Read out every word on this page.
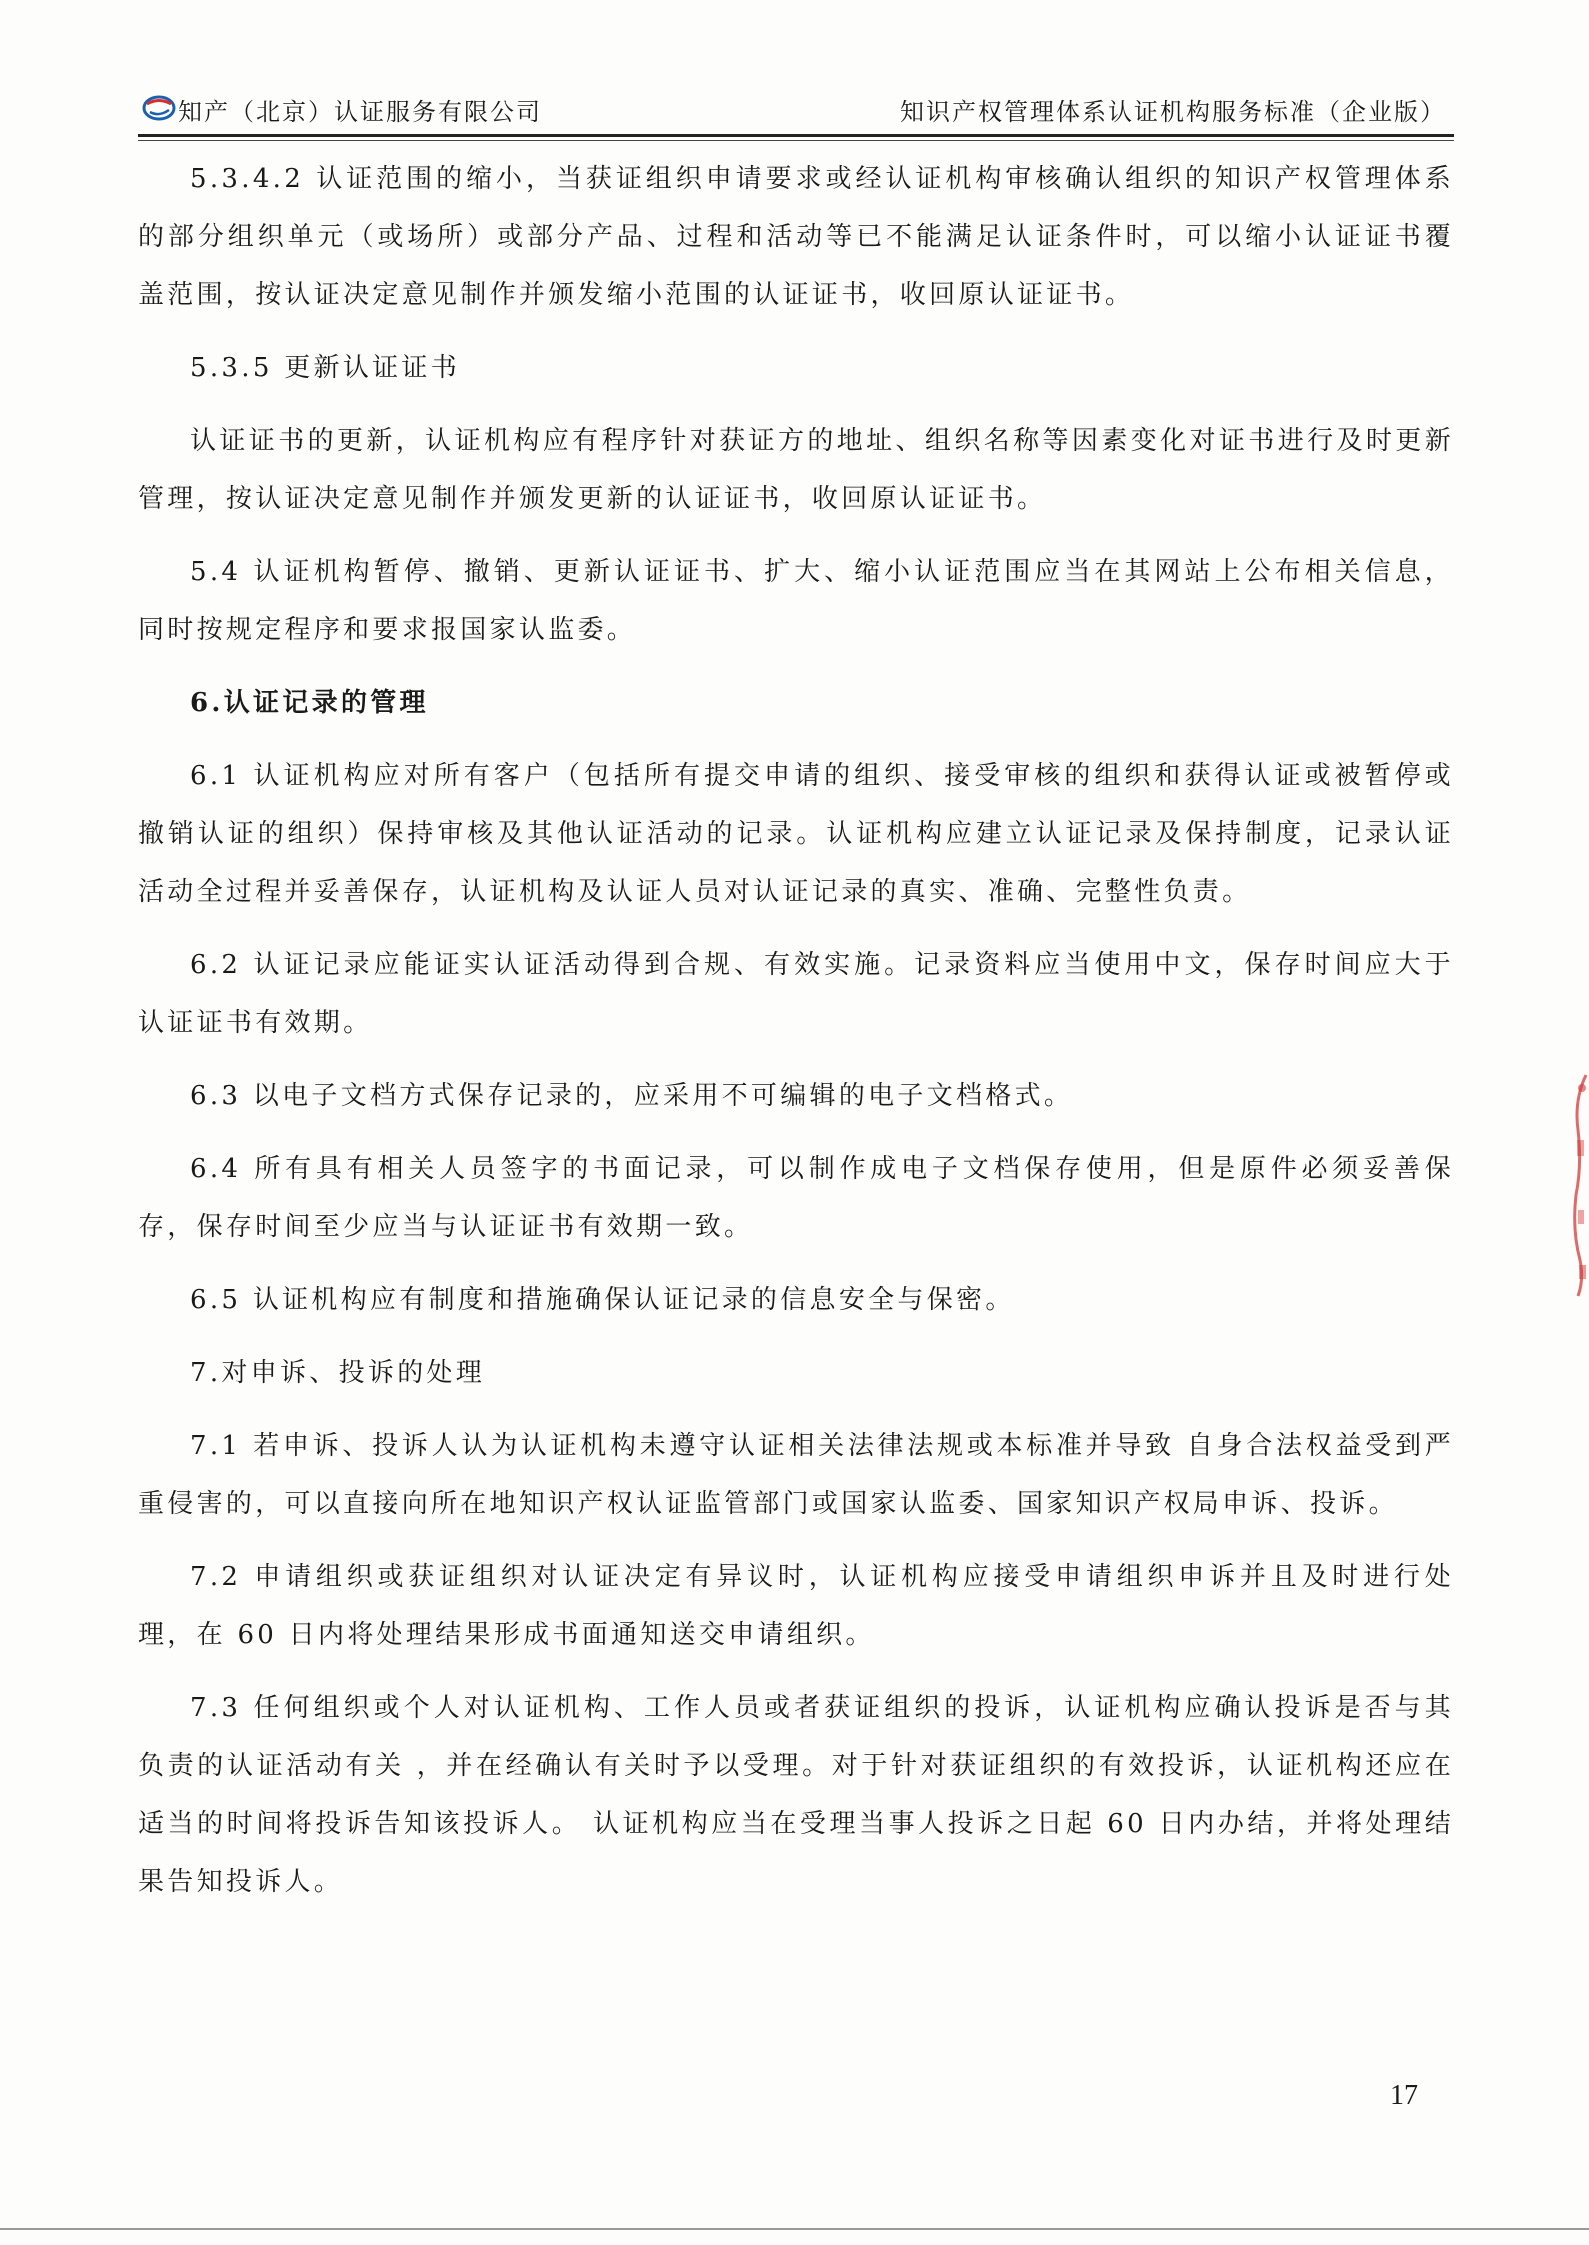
知产（北京）认证服务有限公司	知识产权管理体系认证机构服务标准（企业版）

5.3.4.2 认证范围的缩小，当获证组织申请要求或经认证机构审核确认组织的知识产权管理体系的部分组织单元（或场所）或部分产品、过程和活动等已不能满足认证条件时，可以缩小认证证书覆盖范围，按认证决定意见制作并颁发缩小范围的认证证书，收回原认证证书。

5.3.5 更新认证证书

认证证书的更新，认证机构应有程序针对获证方的地址、组织名称等因素变化对证书进行及时更新管理，按认证决定意见制作并颁发更新的认证证书，收回原认证证书。

5.4 认证机构暂停、撤销、更新认证证书、扩大、缩小认证范围应当在其网站上公布相关信息，同时按规定程序和要求报国家认监委。

6.认证记录的管理

6.1 认证机构应对所有客户（包括所有提交申请的组织、接受审核的组织和获得认证或被暂停或撤销认证的组织）保持审核及其他认证活动的记录。认证机构应建立认证记录及保持制度，记录认证活动全过程并妥善保存，认证机构及认证人员对认证记录的真实、准确、完整性负责。

6.2 认证记录应能证实认证活动得到合规、有效实施。记录资料应当使用中文，保存时间应大于认证证书有效期。

6.3 以电子文档方式保存记录的，应采用不可编辑的电子文档格式。

6.4 所有具有相关人员签字的书面记录，可以制作成电子文档保存使用，但是原件必须妥善保存，保存时间至少应当与认证证书有效期一致。

6.5 认证机构应有制度和措施确保认证记录的信息安全与保密。

7.对申诉、投诉的处理

7.1 若申诉、投诉人认为认证机构未遵守认证相关法律法规或本标准并导致 自身合法权益受到严重侵害的，可以直接向所在地知识产权认证监管部门或国家认监委、国家知识产权局申诉、投诉。

7.2 申请组织或获证组织对认证决定有异议时，认证机构应接受申请组织申诉并且及时进行处理，在 60 日内将处理结果形成书面通知送交申请组织。

7.3 任何组织或个人对认证机构、工作人员或者获证组织的投诉，认证机构应确认投诉是否与其负责的认证活动有关 ，并在经确认有关时予以受理。对于针对获证组织的有效投诉，认证机构还应在适当的时间将投诉告知该投诉人。 认证机构应当在受理当事人投诉之日起 60 日内办结，并将处理结果告知投诉人。

17
